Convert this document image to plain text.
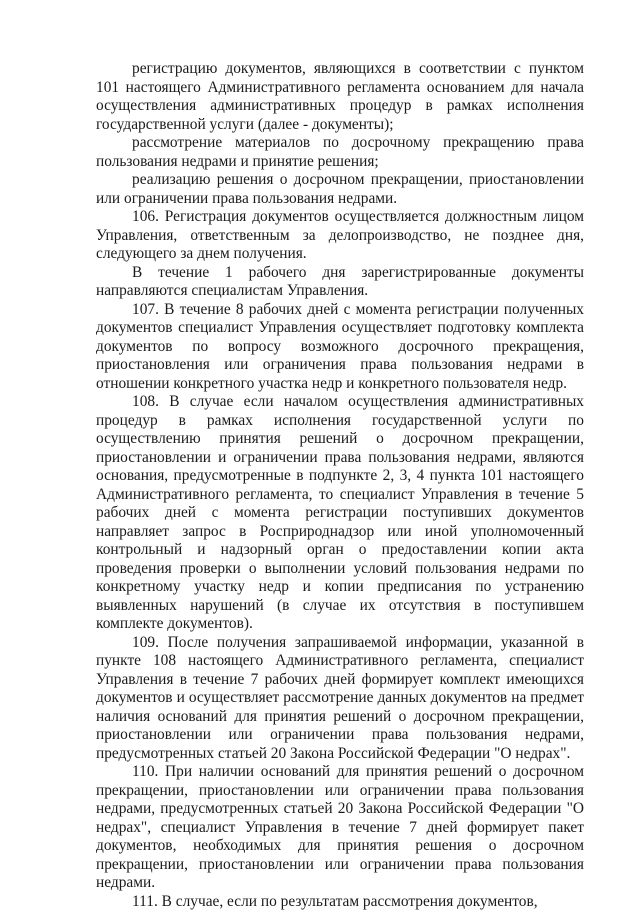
регистрацию документов, являющихся в соответствии с пунктом 101 настоящего Административного регламента основанием для начала осуществления административных процедур в рамках исполнения государственной услуги (далее - документы);

рассмотрение материалов по досрочному прекращению права пользования недрами и принятие решения;

реализацию решения о досрочном прекращении, приостановлении или ограничении права пользования недрами.

106. Регистрация документов осуществляется должностным лицом Управления, ответственным за делопроизводство, не позднее дня, следующего за днем получения.

В течение 1 рабочего дня зарегистрированные документы направляются специалистам Управления.

107. В течение 8 рабочих дней с момента регистрации полученных документов специалист Управления осуществляет подготовку комплекта документов по вопросу возможного досрочного прекращения, приостановления или ограничения права пользования недрами в отношении конкретного участка недр и конкретного пользователя недр.

108. В случае если началом осуществления административных процедур в рамках исполнения государственной услуги по осуществлению принятия решений о досрочном прекращении, приостановлении и ограничении права пользования недрами, являются основания, предусмотренные в подпункте 2, 3, 4 пункта 101 настоящего Административного регламента, то специалист Управления в течение 5 рабочих дней с момента регистрации поступивших документов направляет запрос в Росприроднадзор или иной уполномоченный контрольный и надзорный орган о предоставлении копии акта проведения проверки о выполнении условий пользования недрами по конкретному участку недр и копии предписания по устранению выявленных нарушений (в случае их отсутствия в поступившем комплекте документов).

109. После получения запрашиваемой информации, указанной в пункте 108 настоящего Административного регламента, специалист Управления в течение 7 рабочих дней формирует комплект имеющихся документов и осуществляет рассмотрение данных документов на предмет наличия оснований для принятия решений о досрочном прекращении, приостановлении или ограничении права пользования недрами, предусмотренных статьей 20 Закона Российской Федерации "О недрах".

110. При наличии оснований для принятия решений о досрочном прекращении, приостановлении или ограничении права пользования недрами, предусмотренных статьей 20 Закона Российской Федерации "О недрах", специалист Управления в течение 7 дней формирует пакет документов, необходимых для принятия решения о досрочном прекращении, приостановлении или ограничении права пользования недрами.

111. В случае, если по результатам рассмотрения документов,
